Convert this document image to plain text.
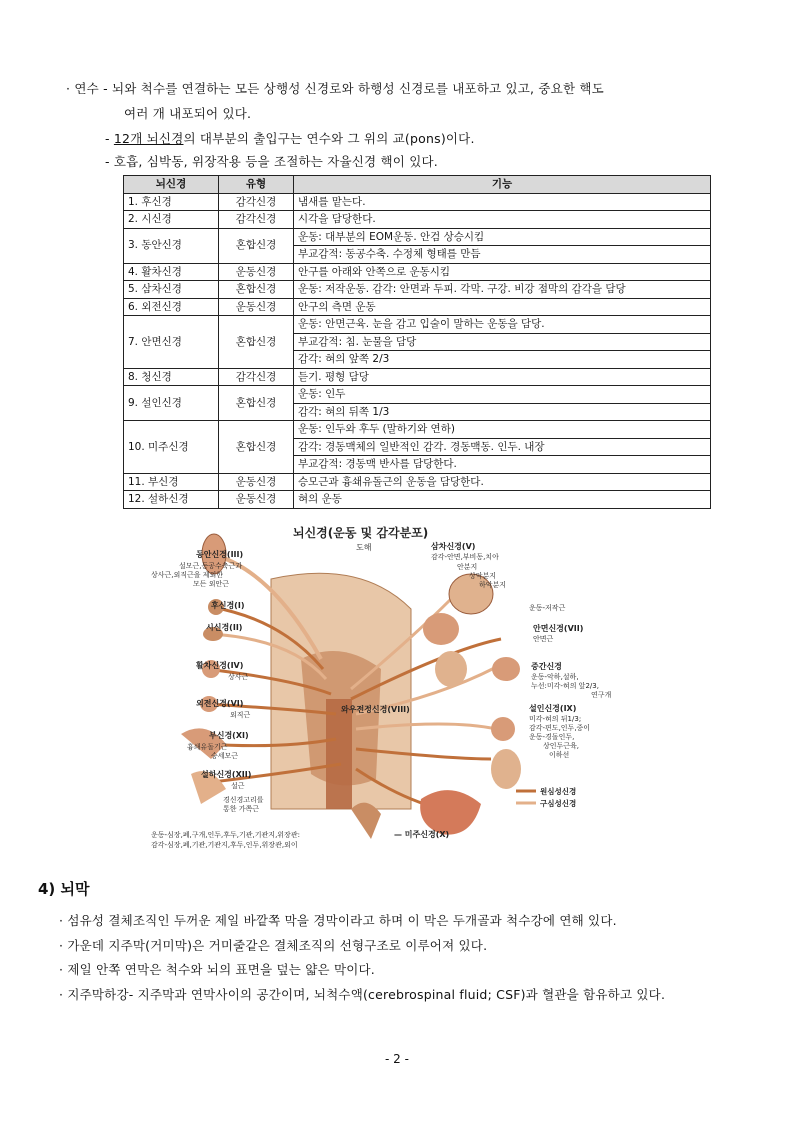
· 연수 - 뇌와 척수를 연결하는 모든 상행성 신경로와 하행성 신경로를 내포하고 있고, 중요한 핵도
여러 개 내포되어 있다.
- 12개 뇌신경의 대부분의 출입구는 연수와 그 위의 교(pons)이다.
- 호흡, 심박동, 위장작용 등을 조절하는 자율신경 핵이 있다.
뇌신경	유형	기능
1. 후신경	감각신경	냄새를 맡는다.
2. 시신경	감각신경	시각을 담당한다.
3. 동안신경	혼합신경	운동: 대부분의 EOM운동. 안검 상승시킴
		부교감적: 동공수축. 수정체 형태를 만듬
4. 활차신경	운동신경	안구를 아래와 안쪽으로 운동시킴
5. 삼차신경	혼합신경	운동: 저작운동. 감각: 안면과 두피. 각막. 구강. 비강 점막의 감각을 담당
6. 외전신경	운동신경	안구의 측면 운동
7. 안면신경	혼합신경	운동: 안면근육. 눈을 감고 입술이 말하는 운동을 담당.
		부교감적: 침. 눈물을 담당
		감각: 혀의 앞쪽 2/3
8. 청신경	감각신경	듣기. 평형 담당
9. 설인신경	혼합신경	운동: 인두
		감각: 혀의 뒤쪽 1/3
10. 미주신경	혼합신경	운동: 인두와 후두 (말하기와 연하)
		감각: 경동맥체의 일반적인 감각. 경동맥동. 인두. 내장
		부교감적: 경동맥 반사를 담당한다.
11. 부신경	운동신경	승모근과 흉쇄유돌근의 운동을 담당한다.
12. 설하신경	운동신경	혀의 운동
뇌신경(운동 및 감각분포)
도해
동안신경(III)
설모근,동공수축근과
상사근,외직근을 제외한
모든 외안근
후신경(I)
시신경(II)
활차신경(IV)
상사근
외전신경(VI)
외직근
부신경(XI)
흉쇄유돌기근
승세모근
설하신경(XII)
설근
경신경고리를
통한 가쪽근
삼차신경(V)
감각-안면,부비동,치아
안분지
상악분지
하악분지
운동-저작근
안면신경(VII)
안면근
중간신경
운동-악하,설하,
누선:미각-혀의 앞2/3,
연구개
와우전정신경(VIII)	설인신경(IX)
미각-혀의 뒤1/3;
감각-편도,인두,중이
운동-경돌인두,
상인두근육,
이하선
원심성신경
구심성신경
운동-심장,폐,구개,인두,후두,기관,기관지,위장관:
감각-심장,폐,기관,기관지,후두,인두,위장관,외이
— 미주신경(X)
4) 뇌막
· 섬유성 결체조직인 두꺼운 제일 바깥쪽 막을 경막이라고 하며 이 막은 두개골과 척수강에 연해 있다.
· 가운데 지주막(거미막)은 거미줄같은 결체조직의 선형구조로 이루어져 있다.
· 제일 안쪽 연막은 척수와 뇌의 표면을 덮는 얇은 막이다.
· 지주막하강- 지주막과 연막사이의 공간이며, 뇌척수액(cerebrospinal fluid; CSF)과 혈관을 함유하고 있다.
- 2 -
